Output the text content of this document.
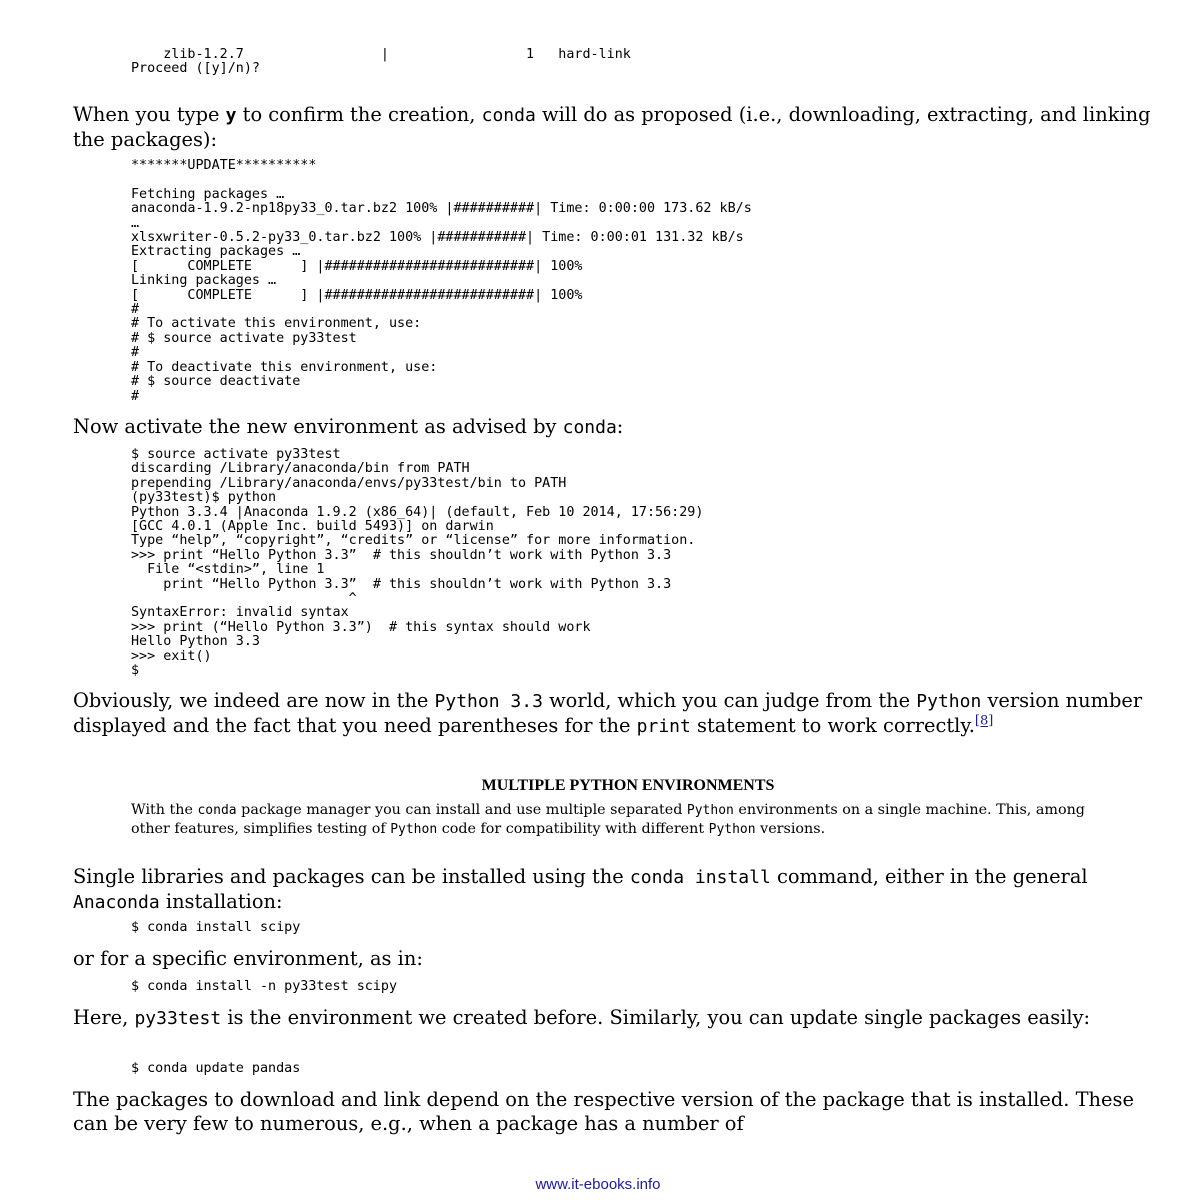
zlib-1.2.7                 |                 1   hard-link
Proceed ([y]/n)?

When you type y to confirm the creation, conda will do as proposed (i.e., downloading, extracting, and linking the packages):

*******UPDATE**********

Fetching packages …
anaconda-1.9.2-np18py33_0.tar.bz2 100% |##########| Time: 0:00:00 173.62 kB/s
…
xlsxwriter-0.5.2-py33_0.tar.bz2 100% |###########| Time: 0:00:01 131.32 kB/s
Extracting packages …
[      COMPLETE      ] |##########################| 100%
Linking packages …
[      COMPLETE      ] |##########################| 100%
#
# To activate this environment, use:
# $ source activate py33test
#
# To deactivate this environment, use:
# $ source deactivate
#

Now activate the new environment as advised by conda:

$ source activate py33test
discarding /Library/anaconda/bin from PATH
prepending /Library/anaconda/envs/py33test/bin to PATH
(py33test)$ python
Python 3.3.4 |Anaconda 1.9.2 (x86_64)| (default, Feb 10 2014, 17:56:29)
[GCC 4.0.1 (Apple Inc. build 5493)] on darwin
Type “help”, “copyright”, “credits” or “license” for more information.
>>> print “Hello Python 3.3”  # this shouldn’t work with Python 3.3
File “<stdin>”, line 1
print “Hello Python 3.3”  # this shouldn’t work with Python 3.3
^
SyntaxError: invalid syntax
>>> print (“Hello Python 3.3”)  # this syntax should work
Hello Python 3.3
>>> exit()
$

Obviously, we indeed are now in the Python 3.3 world, which you can judge from the Python version number displayed and the fact that you need parentheses for the print statement to work correctly.[8]

MULTIPLE PYTHON ENVIRONMENTS

With the conda package manager you can install and use multiple separated Python environments on a single machine. This, among other features, simplifies testing of Python code for compatibility with different Python versions.

Single libraries and packages can be installed using the conda install command, either in the general Anaconda installation:

$ conda install scipy

or for a specific environment, as in:

$ conda install -n py33test scipy

Here, py33test is the environment we created before. Similarly, you can update single packages easily:

$ conda update pandas

The packages to download and link depend on the respective version of the package that is installed. These can be very few to numerous, e.g., when a package has a number of

www.it-ebooks.info
